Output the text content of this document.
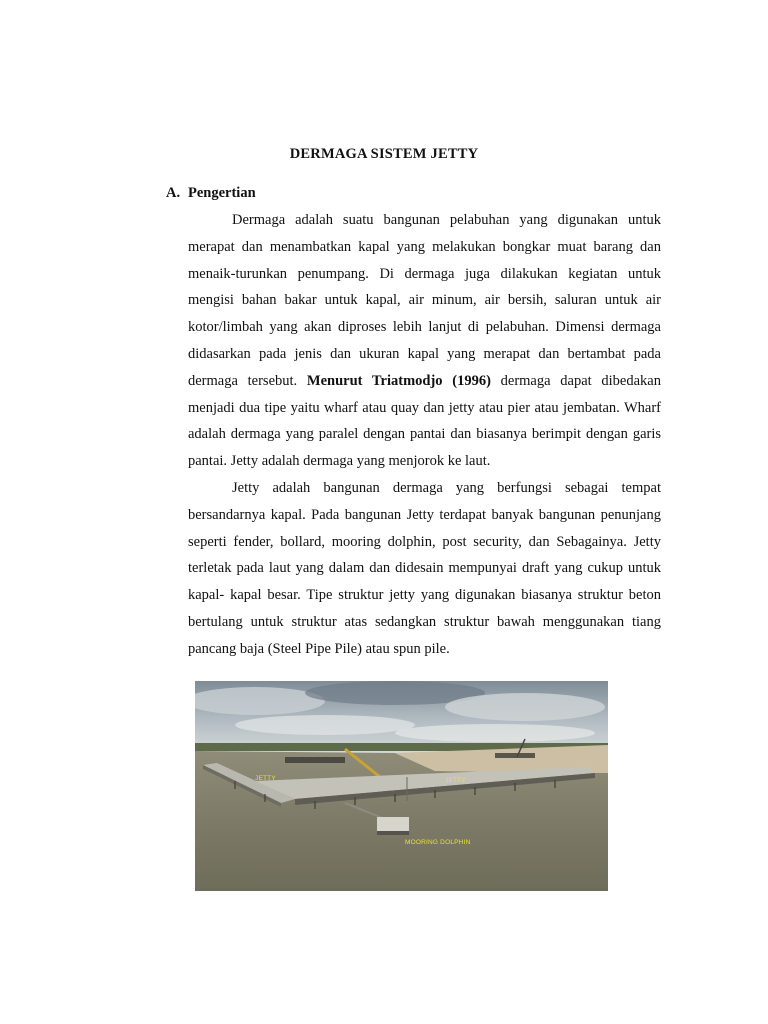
DERMAGA SISTEM JETTY
A. Pengertian

Dermaga adalah suatu bangunan pelabuhan yang digunakan untuk merapat dan menambatkan kapal yang melakukan bongkar muat barang dan menaik-turunkan penumpang. Di dermaga juga dilakukan kegiatan untuk mengisi bahan bakar untuk kapal, air minum, air bersih, saluran untuk air kotor/limbah yang akan diproses lebih lanjut di pelabuhan. Dimensi dermaga didasarkan pada jenis dan ukuran kapal yang merapat dan bertambat pada dermaga tersebut. Menurut Triatmodjo (1996) dermaga dapat dibedakan menjadi dua tipe yaitu wharf atau quay dan jetty atau pier atau jembatan. Wharf adalah dermaga yang paralel dengan pantai dan biasanya berimpit dengan garis pantai. Jetty adalah dermaga yang menjorok ke laut.

Jetty adalah bangunan dermaga yang berfungsi sebagai tempat bersandarnya kapal. Pada bangunan Jetty terdapat banyak bangunan penunjang seperti fender, bollard, mooring dolphin, post security, dan Sebagainya. Jetty terletak pada laut yang dalam dan didesain mempunyai draft yang cukup untuk kapal- kapal besar. Tipe struktur jetty yang digunakan biasanya struktur beton bertulang untuk struktur atas sedangkan struktur bawah menggunakan tiang pancang baja (Steel Pipe Pile) atau spun pile.

JETTY	JETTY
MOORING DOLPHIN
